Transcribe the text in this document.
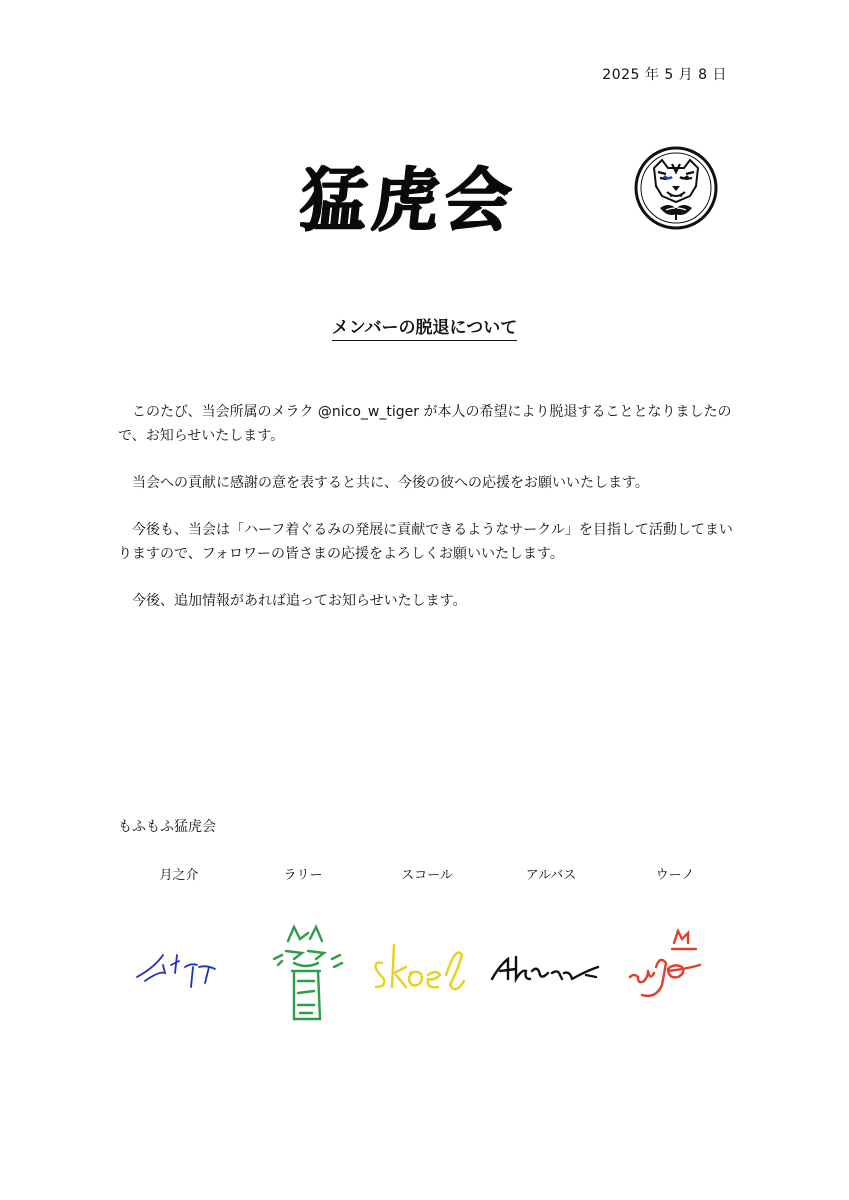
2025 年 5 月 8 日
猛虎会
メンバーの脱退について

このたび、当会所属のメラク @nico_w_tiger が本人の希望により脱退することとなりましたので、お知らせいたします。

当会への貢献に感謝の意を表すると共に、今後の彼への応援をお願いいたします。

今後も、当会は「ハーフ着ぐるみの発展に貢献できるようなサークル」を目指して活動してまいりますので、フォロワーの皆さまの応援をよろしくお願いいたします。

今後、追加情報があれば追ってお知らせいたします。

もふもふ猛虎会
月之介	ラリー	スコール	アルバス	ウーノ
